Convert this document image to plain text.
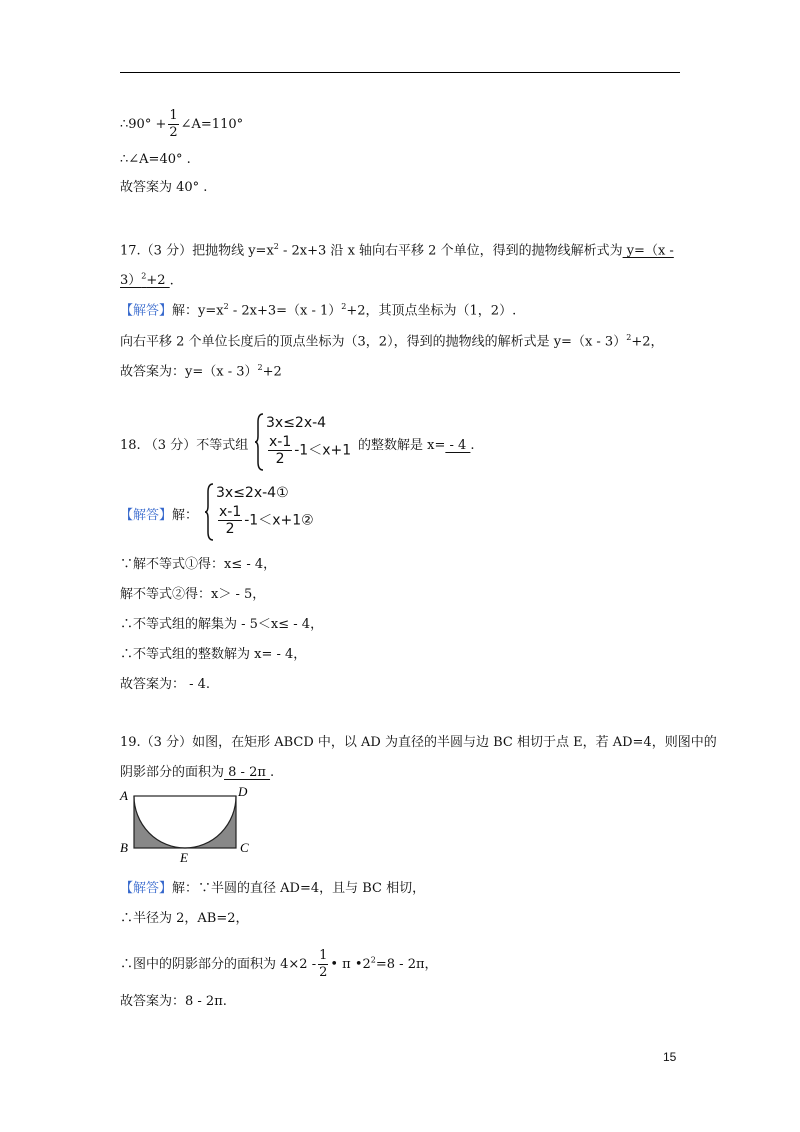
∴90° + $\frac{1}{2}$ ∠A=110°
∴∠A=40° .
故答案为 40° .
17.（3 分）把抛物线 $y=x^2 - 2x+3$ 沿 x 轴向右平移 2 个单位，得到的抛物线解析式为 y=（x -
3）$^2$+2 .
【解答】解：$y=x^2 - 2x+3=(x - 1)^2+2$，其顶点坐标为（1，2）.
向右平移 2 个单位长度后的顶点坐标为（3，2），得到的抛物线的解析式是 y=（x - 3）$^2$+2，
故答案为：y=（x - 3）$^2$+2
18. （3 分）不等式组
3x≤2x-4
$\frac{x-1}{2} -1<x+1$ 的整数解是 x= - 4 .
【解答】解：
3x≤2x-4①
$\frac{x-1}{2}$ -1＜x+1②
∵解不等式①得：x≤ - 4，
解不等式②得：x＞ - 5，
∴不等式组的解集为 - 5＜x≤ - 4，
∴不等式组的整数解为 x= - 4，
故答案为： - 4.
19.（3 分）如图，在矩形 ABCD 中，以 AD 为直径的半圆与边 BC 相切于点 E，若 AD=4，则图中的
阴影部分的面积为 8 - 2π .
A	D
B	C
E
【解答】解：∵半圆的直径 AD=4，且与 BC 相切，
∴半径为 2，AB=2，
∴图中的阴影部分的面积为 $4\times 2 - \frac{1}{2}$ • π $•2^2=8 - 2\pi$，
故答案为：8 - 2π.
15
